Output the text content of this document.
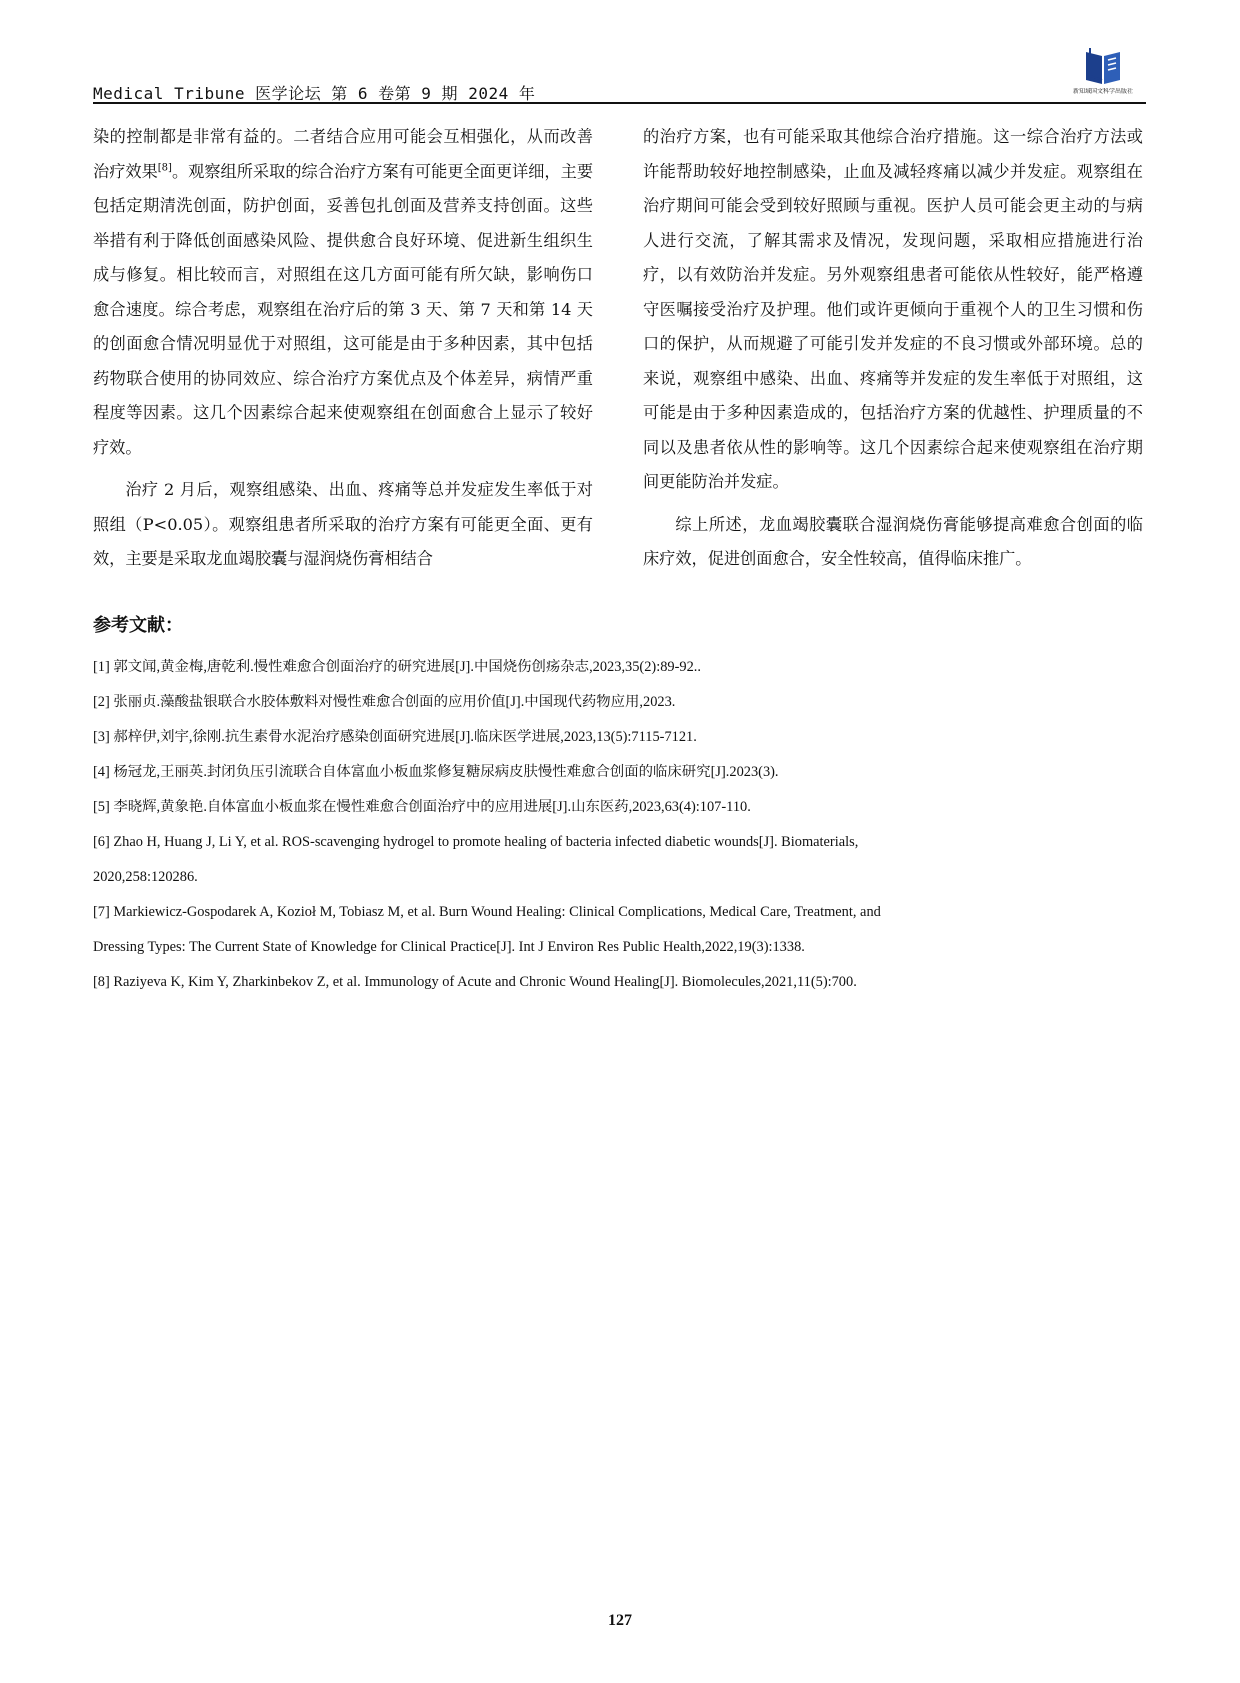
Medical Tribune 医学论坛 第 6 卷第 9 期 2024 年	新知域国文科学出版社

染的控制都是非常有益的。二者结合应用可能会互相强化，从而改善治疗效果[8]。观察组所采取的综合治疗方案有可能更全面更详细，主要包括定期清洗创面，防护创面，妥善包扎创面及营养支持创面。这些举措有利于降低创面感染风险、提供愈合良好环境、促进新生组织生成与修复。相比较而言，对照组在这几方面可能有所欠缺，影响伤口愈合速度。综合考虑，观察组在治疗后的第 3 天、第 7 天和第 14 天的创面愈合情况明显优于对照组，这可能是由于多种因素，其中包括药物联合使用的协同效应、综合治疗方案优点及个体差异，病情严重程度等因素。这几个因素综合起来使观察组在创面愈合上显示了较好疗效。

治疗 2 月后，观察组感染、出血、疼痛等总并发症发生率低于对照组（P<0.05）。观察组患者所采取的治疗方案有可能更全面、更有效，主要是采取龙血竭胶囊与湿润烧伤膏相结合

的治疗方案，也有可能采取其他综合治疗措施。这一综合治疗方法或许能帮助较好地控制感染，止血及减轻疼痛以减少并发症。观察组在治疗期间可能会受到较好照顾与重视。医护人员可能会更主动的与病人进行交流，了解其需求及情况，发现问题，采取相应措施进行治疗，以有效防治并发症。另外观察组患者可能依从性较好，能严格遵守医嘱接受治疗及护理。他们或许更倾向于重视个人的卫生习惯和伤口的保护，从而规避了可能引发并发症的不良习惯或外部环境。总的来说，观察组中感染、出血、疼痛等并发症的发生率低于对照组，这可能是由于多种因素造成的，包括治疗方案的优越性、护理质量的不同以及患者依从性的影响等。这几个因素综合起来使观察组在治疗期间更能防治并发症。

综上所述，龙血竭胶囊联合湿润烧伤膏能够提高难愈合创面的临床疗效，促进创面愈合，安全性较高，值得临床推广。

参考文献：
[1] 郭文闻,黄金梅,唐乾利.慢性难愈合创面治疗的研究进展[J].中国烧伤创疡杂志,2023,35(2):89-92..
[2] 张丽贞.藻酸盐银联合水胶体敷料对慢性难愈合创面的应用价值[J].中国现代药物应用,2023.
[3] 郝梓伊,刘宇,徐刚.抗生素骨水泥治疗感染创面研究进展[J].临床医学进展,2023,13(5):7115-7121.
[4] 杨冠龙,王丽英.封闭负压引流联合自体富血小板血浆修复糖尿病皮肤慢性难愈合创面的临床研究[J].2023(3).
[5] 李晓辉,黄象艳.自体富血小板血浆在慢性难愈合创面治疗中的应用进展[J].山东医药,2023,63(4):107-110.
[6] Zhao H, Huang J, Li Y, et al. ROS-scavenging hydrogel to promote healing of bacteria infected diabetic wounds[J]. Biomaterials,
2020,258:120286.
[7] Markiewicz-Gospodarek A, Kozioł M, Tobiasz M, et al. Burn Wound Healing: Clinical Complications, Medical Care, Treatment, and
Dressing Types: The Current State of Knowledge for Clinical Practice[J]. Int J Environ Res Public Health,2022,19(3):1338.
[8] Raziyeva K, Kim Y, Zharkinbekov Z, et al. Immunology of Acute and Chronic Wound Healing[J]. Biomolecules,2021,11(5):700.
127
